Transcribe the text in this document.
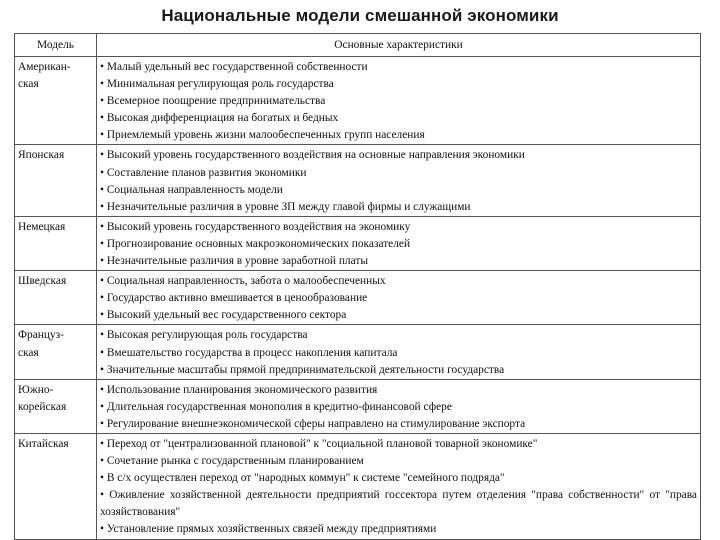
Национальные модели смешанной экономики
Модель	Основные характеристики

Американ-
ская	• Малый удельный вес государственной собственности
• Минимальная регулирующая роль государства
• Всемерное поощрение предпринимательства
• Высокая дифференциация на богатых и бедных
• Приемлемый уровень жизни малообеспеченных групп населения

Японская	• Высокий уровень государственного воздействия на основные направления экономики
• Составление планов развития экономики
• Социальная направленность модели
• Незначительные различия в уровне ЗП между главой фирмы и служащими

Немецкая	• Высокий уровень государственного воздействия на экономику
• Прогнозирование основных макроэкономических показателей
• Незначительные различия в уровне заработной платы

Шведская	• Социальная направленность, забота о малообеспеченных
• Государство активно вмешивается в ценообразование
• Высокий удельный вес государственного сектора

Француз-
ская	• Высокая регулирующая роль государства
• Вмешательство государства в процесс накопления капитала
• Значительные масштабы прямой предпринимательской деятельности государства

Южно-
корейская	• Использование планирования экономического развития
• Длительная государственная монополия в кредитно-финансовой сфере
• Регулирование внешнеэкономической сферы направлено на стимулирование экспорта

Китайская	• Переход от "централизованной плановой" к "социальной плановой товарной экономике"
• Сочетание рынка с государственным планированием
• В с/х осуществлен переход от "народных коммун" к системе "семейного подряда"
• Оживление хозяйственной деятельности предприятий госсектора путем отделения "права собственности" от "права хозяйствования"
• Установление прямых хозяйственных связей между предприятиями
